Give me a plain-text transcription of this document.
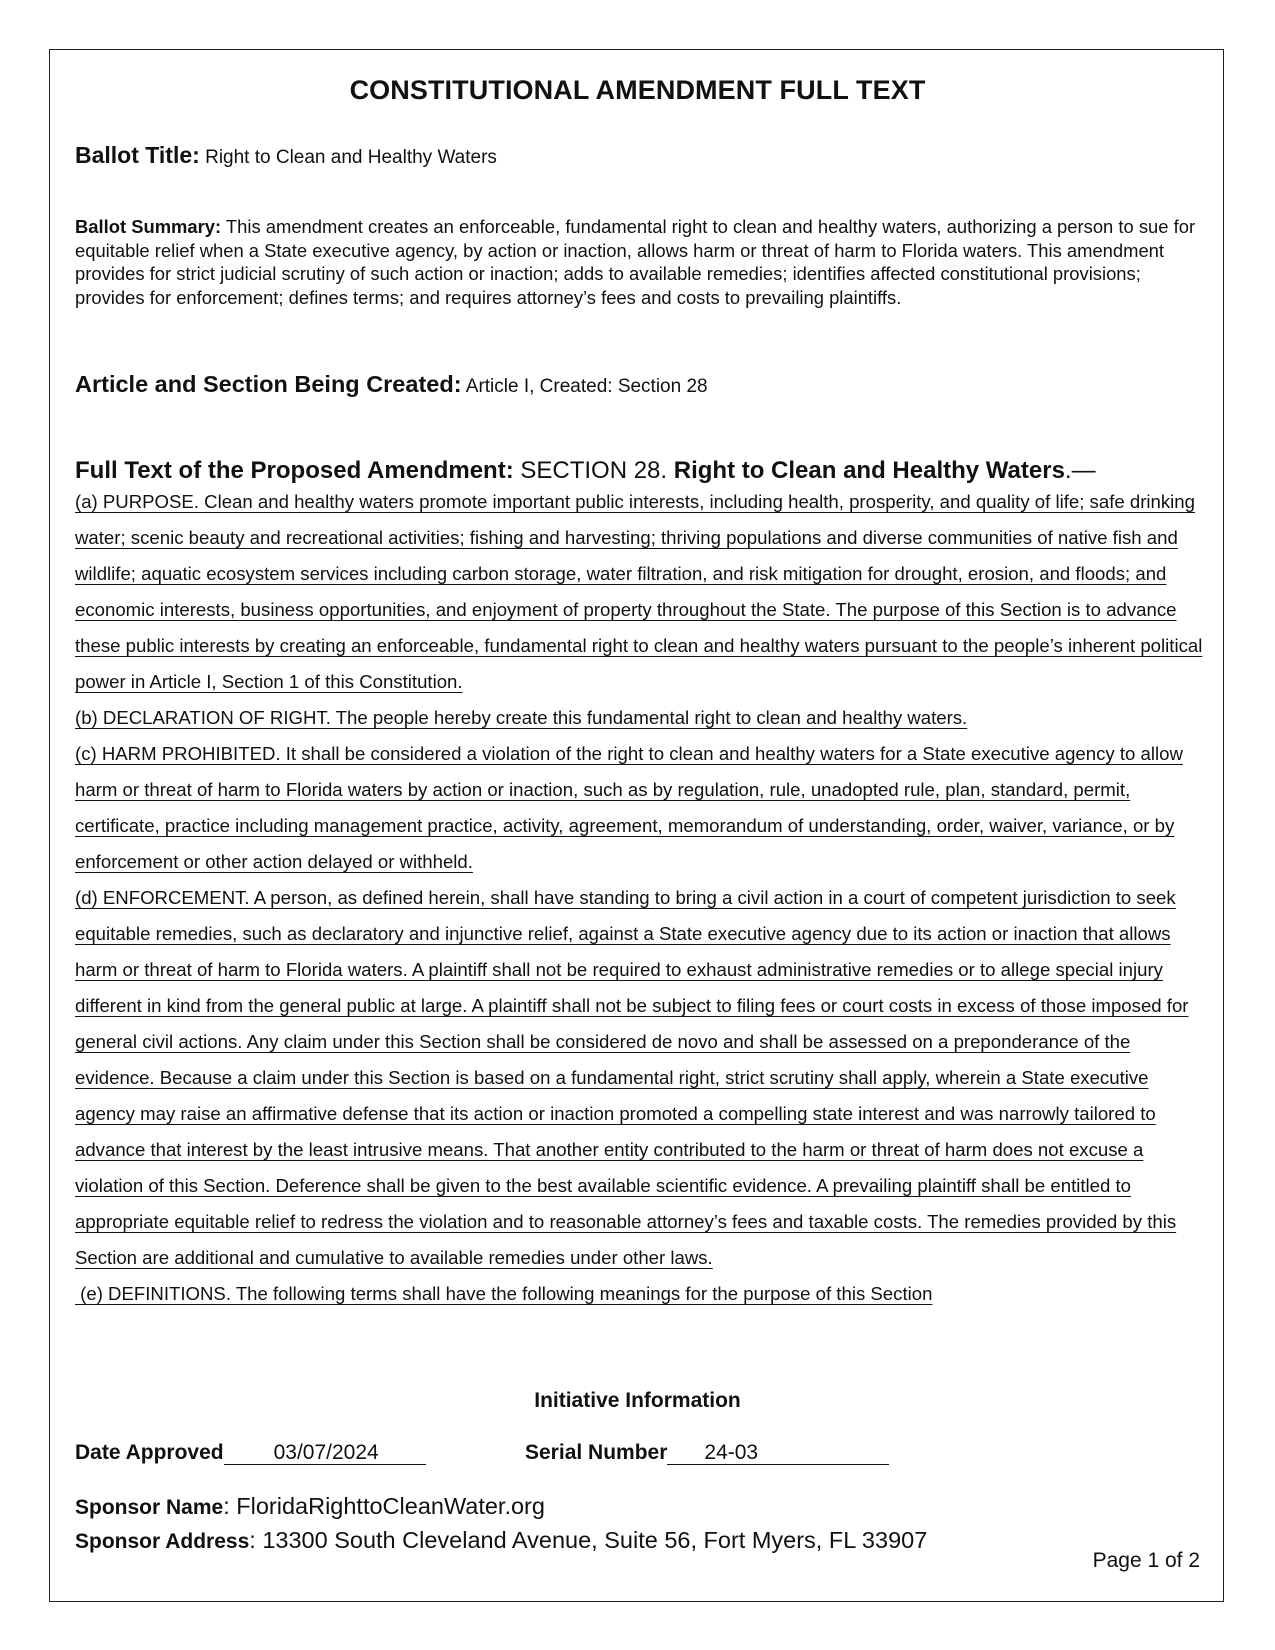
CONSTITUTIONAL AMENDMENT FULL TEXT
Ballot Title: Right to Clean and Healthy Waters
Ballot Summary: This amendment creates an enforceable, fundamental right to clean and healthy waters, authorizing a person to sue for equitable relief when a State executive agency, by action or inaction, allows harm or threat of harm to Florida waters. This amendment provides for strict judicial scrutiny of such action or inaction; adds to available remedies; identifies affected constitutional provisions; provides for enforcement; defines terms; and requires attorney’s fees and costs to prevailing plaintiffs.
Article and Section Being Created: Article I, Created: Section 28
Full Text of the Proposed Amendment: SECTION 28. Right to Clean and Healthy Waters.—

(a) PURPOSE. Clean and healthy waters promote important public interests, including health, prosperity, and quality of life; safe drinking water; scenic beauty and recreational activities; fishing and harvesting; thriving populations and diverse communities of native fish and wildlife; aquatic ecosystem services including carbon storage, water filtration, and risk mitigation for drought, erosion, and floods; and economic interests, business opportunities, and enjoyment of property throughout the State. The purpose of this Section is to advance these public interests by creating an enforceable, fundamental right to clean and healthy waters pursuant to the people’s inherent political power in Article I, Section 1 of this Constitution.

(b) DECLARATION OF RIGHT. The people hereby create this fundamental right to clean and healthy waters.

(c) HARM PROHIBITED. It shall be considered a violation of the right to clean and healthy waters for a State executive agency to allow harm or threat of harm to Florida waters by action or inaction, such as by regulation, rule, unadopted rule, plan, standard, permit, certificate, practice including management practice, activity, agreement, memorandum of understanding, order, waiver, variance, or by enforcement or other action delayed or withheld.

(d) ENFORCEMENT. A person, as defined herein, shall have standing to bring a civil action in a court of competent jurisdiction to seek equitable remedies, such as declaratory and injunctive relief, against a State executive agency due to its action or inaction that allows harm or threat of harm to Florida waters. A plaintiff shall not be required to exhaust administrative remedies or to allege special injury different in kind from the general public at large. A plaintiff shall not be subject to filing fees or court costs in excess of those imposed for general civil actions. Any claim under this Section shall be considered de novo and shall be assessed on a preponderance of the evidence. Because a claim under this Section is based on a fundamental right, strict scrutiny shall apply, wherein a State executive agency may raise an affirmative defense that its action or inaction promoted a compelling state interest and was narrowly tailored to advance that interest by the least intrusive means. That another entity contributed to the harm or threat of harm does not excuse a violation of this Section. Deference shall be given to the best available scientific evidence. A prevailing plaintiff shall be entitled to appropriate equitable relief to redress the violation and to reasonable attorney’s fees and taxable costs. The remedies provided by this Section are additional and cumulative to available remedies under other laws.

(e) DEFINITIONS. The following terms shall have the following meanings for the purpose of this Section

Initiative Information
Date Approved 03/07/2024	Serial Number 24-03
Sponsor Name: FloridaRighttoCleanWater.org
Sponsor Address: 13300 South Cleveland Avenue, Suite 56, Fort Myers, FL 33907
Page 1 of 2
